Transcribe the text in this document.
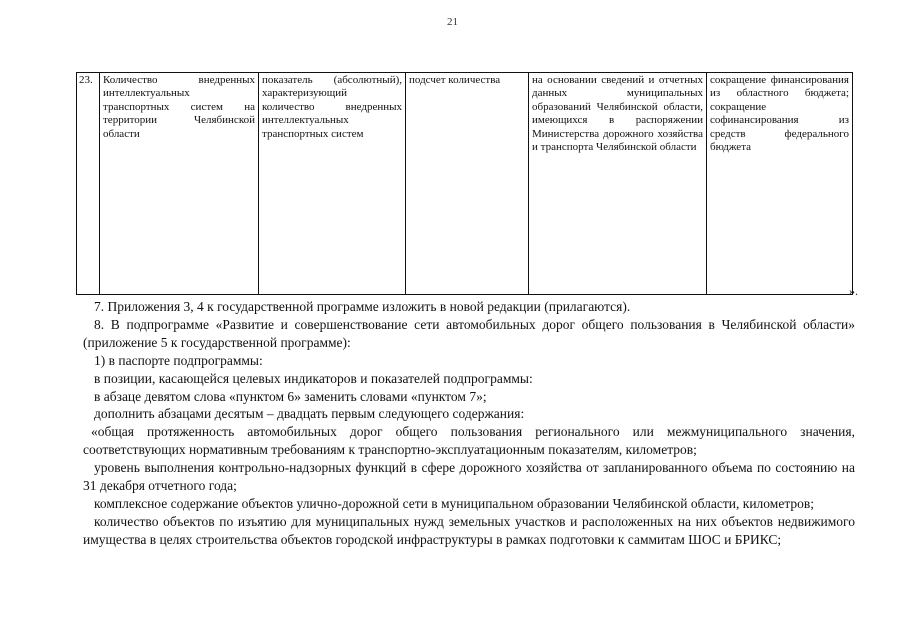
21
23.	Количество внедренных интеллектуальных транспортных систем на территории Челябинской области	показатель (абсолютный), характеризующий количество внедренных интеллектуальных транспортных систем	подсчет количества	на основании сведений и отчетных данных муниципальных образований Челябинской области, имеющихся в распоряжении Министерства дорожного хозяйства и транспорта Челябинской области	сокращение финансирования из областного бюджета; сокращение софинансирования из средств федерального бюджета
».

7. Приложения 3, 4 к государственной программе изложить в новой редакции (прилагаются).

8. В подпрограмме «Развитие и совершенствование сети автомобильных дорог общего пользования в Челябинской области» (приложение 5 к государственной программе):

1) в паспорте подпрограммы:

в позиции, касающейся целевых индикаторов и показателей подпрограммы:

в абзаце девятом слова «пунктом 6» заменить словами «пунктом 7»;

дополнить абзацами десятым – двадцать первым следующего содержания:

«общая протяженность автомобильных дорог общего пользования регионального или межмуниципального значения, соответствующих нормативным требованиям к транспортно-эксплуатационным показателям, километров;

уровень выполнения контрольно-надзорных функций в сфере дорожного хозяйства от запланированного объема по состоянию на 31 декабря отчетного года;

комплексное содержание объектов улично-дорожной сети в муниципальном образовании Челябинской области, километров;

количество объектов по изъятию для муниципальных нужд земельных участков и расположенных на них объектов недвижимого имущества в целях строительства объектов городской инфраструктуры в рамках подготовки к саммитам ШОС и БРИКС;
